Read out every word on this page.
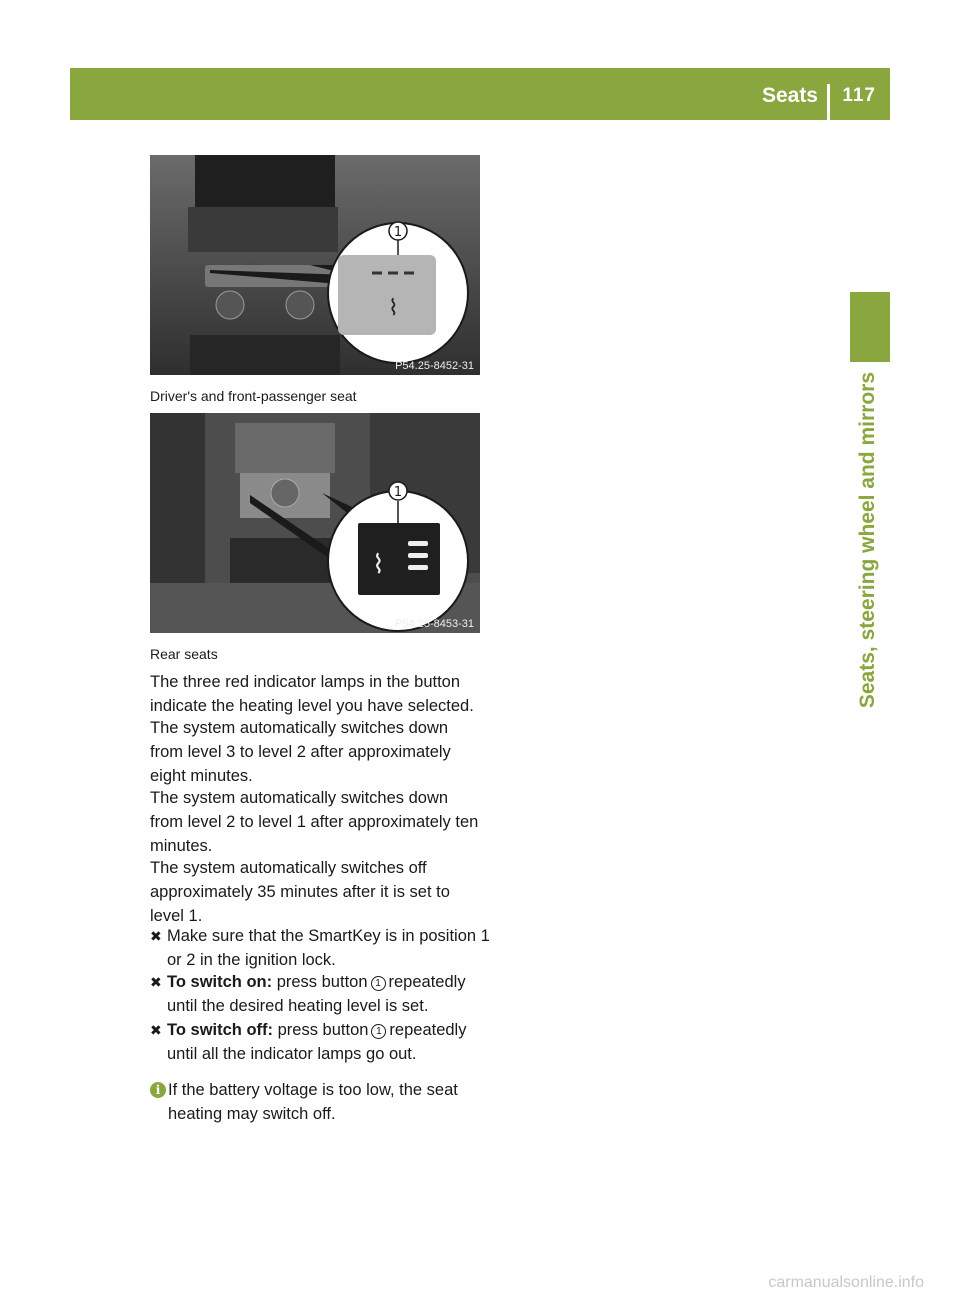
Seats 117
Seats, steering wheel and mirrors
⌇
1
P54.25-8452-31
Driver's and front-passenger seat
⌇
1
P54.25-8453-31
Rear seats
The three red indicator lamps in the button indicate the heating level you have selected.
The system automatically switches down from level 3 to level 2 after approximately eight minutes.
The system automatically switches down from level 2 to level 1 after approximately ten minutes.
The system automatically switches off approximately 35 minutes after it is set to level 1.
✖ Make sure that the SmartKey is in position 1 or 2 in the ignition lock.
✖ To switch on: press button 1 repeatedly until the desired heating level is set.
✖ To switch off: press button 1 repeatedly until all the indicator lamps go out.
i If the battery voltage is too low, the seat heating may switch off.
carmanualsonline.info
